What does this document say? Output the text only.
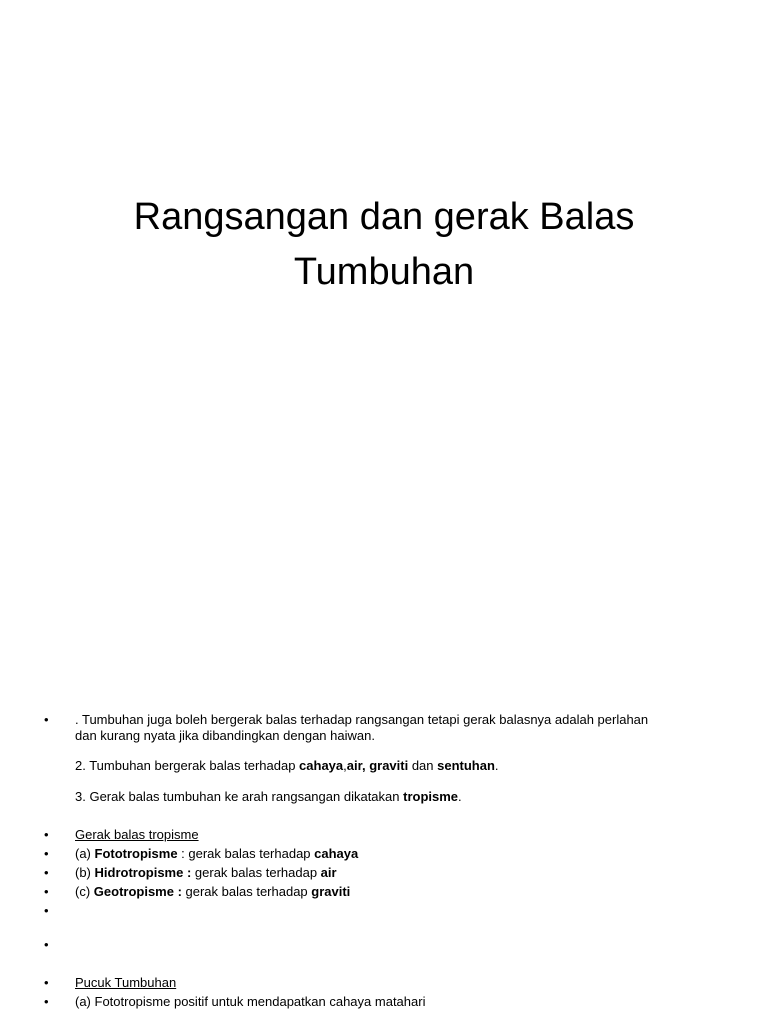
Rangsangan dan gerak Balas
Tumbuhan
•	. Tumbuhan juga boleh bergerak balas terhadap rangsangan tetapi gerak balasnya adalah perlahan
dan kurang nyata jika dibandingkan dengan haiwan.
2. Tumbuhan bergerak balas terhadap cahaya,air, graviti dan sentuhan.
3. Gerak balas tumbuhan ke arah rangsangan dikatakan tropisme.
•	Gerak balas tropisme
•	(a) Fototropisme : gerak balas terhadap cahaya
•	(b) Hidrotropisme : gerak balas terhadap air
•	(c) Geotropisme : gerak balas terhadap graviti
•
•
•	Pucuk Tumbuhan
•	(a) Fototropisme positif untuk mendapatkan cahaya matahari
